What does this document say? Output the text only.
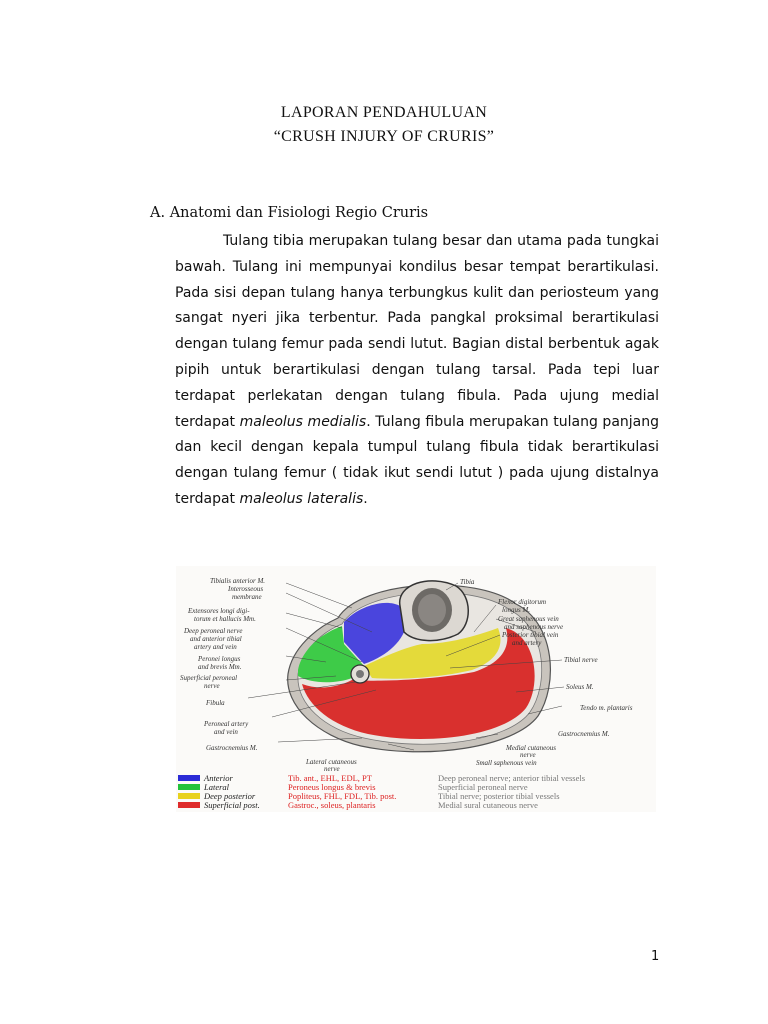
LAPORAN PENDAHULUAN
“CRUSH INJURY OF CRURIS”
A. Anatomi dan Fisiologi Regio Cruris
Tulang tibia merupakan tulang besar dan utama pada tungkai bawah. Tulang ini mempunyai kondilus besar tempat berartikulasi. Pada sisi depan tulang hanya terbungkus kulit dan periosteum yang sangat nyeri jika terbentur. Pada pangkal proksimal berartikulasi dengan tulang femur pada sendi lutut. Bagian distal berbentuk agak pipih untuk berartikulasi dengan tulang tarsal. Pada tepi luar terdapat perlekatan dengan tulang fibula. Pada ujung medial terdapat maleolus medialis. Tulang fibula merupakan tulang panjang dan kecil dengan kepala tumpul tulang fibula tidak berartikulasi dengan tulang femur ( tidak ikut sendi lutut ) pada ujung distalnya terdapat maleolus lateralis.
Tibialis anterior M.
Interosseous
membrane
Extensores longi digi-
torum et hallucis Mm.
Deep peroneal nerve
and anterior tibial
artery and vein
Peronei longus
and brevis Mm.
Superficial peroneal
nerve
Fibula
Peroneal artery
and vein
Gastrocnemius M.
Lateral cutaneous
nerve
Tibia
Flexor digitorum
longus M.
Great saphenous vein
and saphenous nerve
Posterior tibial vein
and artery
Tibial nerve
Soleus M.
Tendo m. plantaris
Gastrocnemius M.
Medial cutaneous
nerve
Small saphenous vein
Anterior
Lateral
Deep posterior
Superficial post.
Tib. ant., EHL, EDL, PT
Peroneus longus & brevis
Popliteus, FHL, FDL, Tib. post.
Gastroc., soleus, plantaris
Deep peroneal nerve; anterior tibial vessels
Superficial peroneal nerve
Tibial nerve; posterior tibial vessels
Medial sural cutaneous nerve
1
